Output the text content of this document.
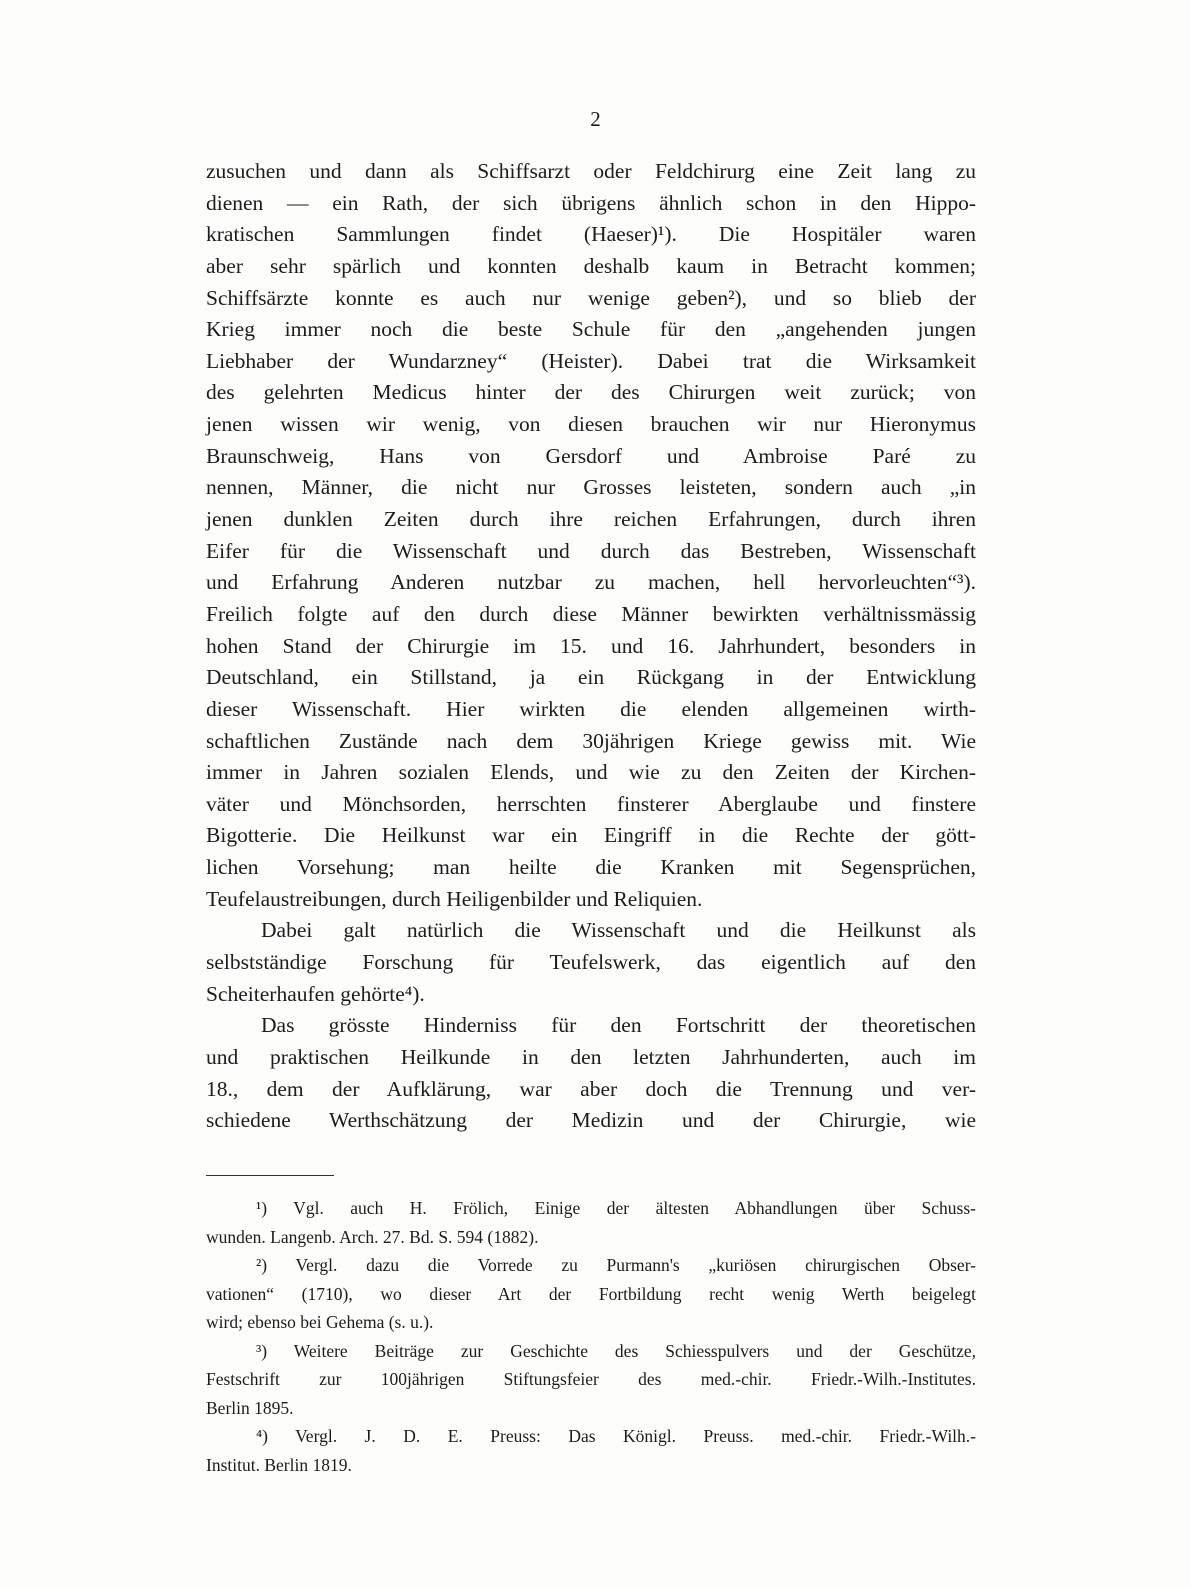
2
zusuchen und dann als Schiffsarzt oder Feldchirurg eine Zeit lang zu
dienen — ein Rath, der sich übrigens ähnlich schon in den Hippo-
kratischen Sammlungen findet (Haeser)¹). Die Hospitäler waren
aber sehr spärlich und konnten deshalb kaum in Betracht kommen;
Schiffsärzte konnte es auch nur wenige geben²), und so blieb der
Krieg immer noch die beste Schule für den „angehenden jungen
Liebhaber der Wundarzney“ (Heister). Dabei trat die Wirksamkeit
des gelehrten Medicus hinter der des Chirurgen weit zurück; von
jenen wissen wir wenig, von diesen brauchen wir nur Hieronymus
Braunschweig, Hans von Gersdorf und Ambroise Paré zu
nennen, Männer, die nicht nur Grosses leisteten, sondern auch „in
jenen dunklen Zeiten durch ihre reichen Erfahrungen, durch ihren
Eifer für die Wissenschaft und durch das Bestreben, Wissenschaft
und Erfahrung Anderen nutzbar zu machen, hell hervorleuchten“³).
Freilich folgte auf den durch diese Männer bewirkten verhältnissmässig
hohen Stand der Chirurgie im 15. und 16. Jahrhundert, besonders in
Deutschland, ein Stillstand, ja ein Rückgang in der Entwicklung
dieser Wissenschaft. Hier wirkten die elenden allgemeinen wirth-
schaftlichen Zustände nach dem 30jährigen Kriege gewiss mit. Wie
immer in Jahren sozialen Elends, und wie zu den Zeiten der Kirchen-
väter und Mönchsorden, herrschten finsterer Aberglaube und finstere
Bigotterie. Die Heilkunst war ein Eingriff in die Rechte der gött-
lichen Vorsehung; man heilte die Kranken mit Segensprüchen,
Teufelaustreibungen, durch Heiligenbilder und Reliquien.
Dabei galt natürlich die Wissenschaft und die Heilkunst als
selbstständige Forschung für Teufelswerk, das eigentlich auf den
Scheiterhaufen gehörte⁴).
Das grösste Hinderniss für den Fortschritt der theoretischen
und praktischen Heilkunde in den letzten Jahrhunderten, auch im
18., dem der Aufklärung, war aber doch die Trennung und ver-
schiedene Werthschätzung der Medizin und der Chirurgie, wie
¹) Vgl. auch H. Frölich, Einige der ältesten Abhandlungen über Schuss-
wunden. Langenb. Arch. 27. Bd. S. 594 (1882).
²) Vergl. dazu die Vorrede zu Purmann's „kuriösen chirurgischen Obser-
vationen“ (1710), wo dieser Art der Fortbildung recht wenig Werth beigelegt
wird; ebenso bei Gehema (s. u.).
³) Weitere Beiträge zur Geschichte des Schiesspulvers und der Geschütze,
Festschrift zur 100jährigen Stiftungsfeier des med.-chir. Friedr.-Wilh.-Institutes.
Berlin 1895.
⁴) Vergl. J. D. E. Preuss: Das Königl. Preuss. med.-chir. Friedr.-Wilh.-
Institut. Berlin 1819.
